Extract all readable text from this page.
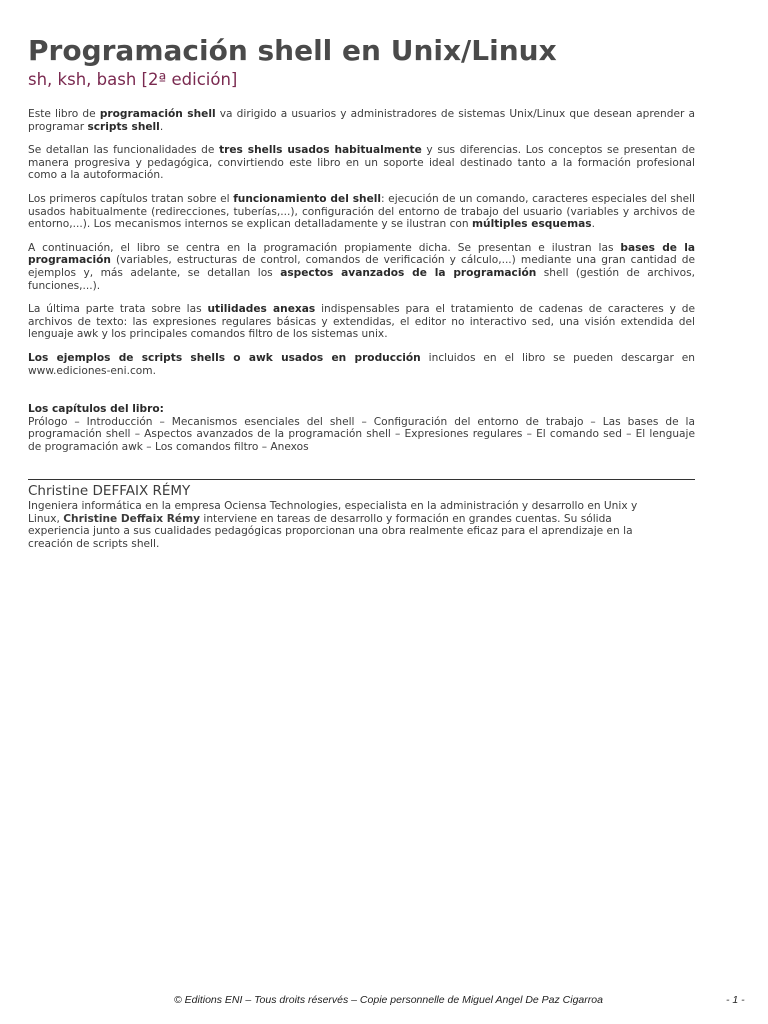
Programación shell en Unix/Linux
sh, ksh, bash [2ª edición]

Este libro de programación shell va dirigido a usuarios y administradores de sistemas Unix/Linux que desean aprender a programar scripts shell.

Se detallan las funcionalidades de tres shells usados habitualmente y sus diferencias. Los conceptos se presentan de manera progresiva y pedagógica, convirtiendo este libro en un soporte ideal destinado tanto a la formación profesional como a la autoformación.

Los primeros capítulos tratan sobre el funcionamiento del shell: ejecución de un comando, caracteres especiales del shell usados habitualmente (redirecciones, tuberías,...), configuración del entorno de trabajo del usuario (variables y archivos de entorno,...). Los mecanismos internos se explican detalladamente y se ilustran con múltiples esquemas.

A continuación, el libro se centra en la programación propiamente dicha. Se presentan e ilustran las bases de la programación (variables, estructuras de control, comandos de verificación y cálculo,...) mediante una gran cantidad de ejemplos y, más adelante, se detallan los aspectos avanzados de la programación shell (gestión de archivos, funciones,...).

La última parte trata sobre las utilidades anexas indispensables para el tratamiento de cadenas de caracteres y de archivos de texto: las expresiones regulares básicas y extendidas, el editor no interactivo sed, una visión extendida del lenguaje awk y los principales comandos filtro de los sistemas unix.

Los ejemplos de scripts shells o awk usados en producción incluidos en el libro se pueden descargar en www.ediciones-eni.com.

Los capítulos del libro:

Prólogo – Introducción – Mecanismos esenciales del shell – Configuración del entorno de trabajo – Las bases de la programación shell – Aspectos avanzados de la programación shell – Expresiones regulares – El comando sed – El lenguaje de programación awk – Los comandos filtro – Anexos

Christine DEFFAIX RÉMY

Ingeniera informática en la empresa Ociensa Technologies, especialista en la administración y desarrollo en Unix y Linux, Christine Deffaix Rémy interviene en tareas de desarrollo y formación en grandes cuentas. Su sólida experiencia junto a sus cualidades pedagógicas proporcionan una obra realmente eficaz para el aprendizaje en la creación de scripts shell.

© Editions ENI – Tous droits réservés – Copie personnelle de Miguel Angel De Paz Cigarroa	- 1 -
